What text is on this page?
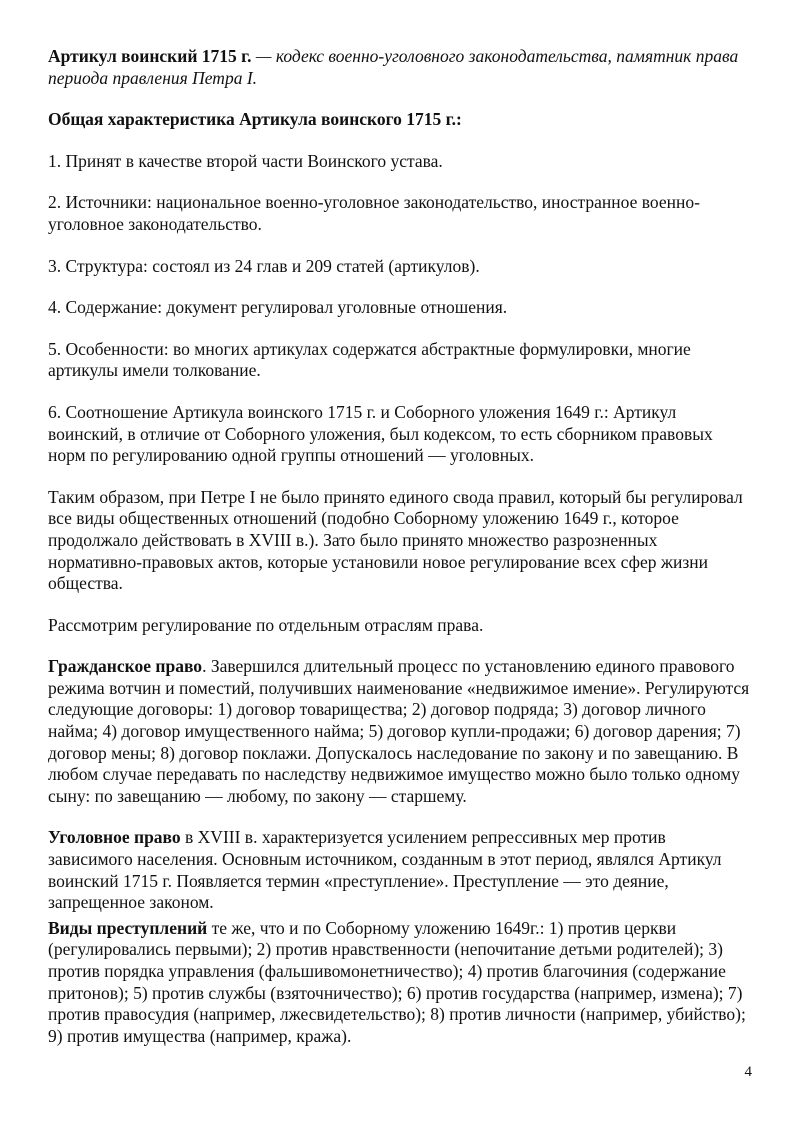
Артикул воинский 1715 г. — кодекс военно-уголовного законодательства, памятник права периода правления Петра I.

Общая характеристика Артикула воинского 1715 г.:

1. Принят в качестве второй части Воинского устава.

2. Источники: национальное военно-уголовное законодательство, иностранное военно-уголовное законодательство.

3. Структура: состоял из 24 глав и 209 статей (артикулов).

4. Содержание: документ регулировал уголовные отношения.

5. Особенности: во многих артикулах содержатся абстрактные формулировки, многие артикулы имели толкование.

6. Соотношение Артикула воинского 1715 г. и Соборного уложения 1649 г.: Артикул воинский, в отличие от Соборного уложения, был кодексом, то есть сборником правовых норм по регулированию одной группы отношений — уголовных.

Таким образом, при Петре I не было принято единого свода правил, который бы регулировал все виды общественных отношений (подобно Соборному уложению 1649 г., которое продолжало действовать в XVIII в.). Зато было принято множество разрозненных нормативно-правовых актов, которые установили новое регулирование всех сфер жизни общества.

Рассмотрим регулирование по отдельным отраслям права.

Гражданское право. Завершился длительный процесс по установлению единого правового режима вотчин и поместий, получивших наименование «недвижимое имение». Регулируются следующие договоры: 1) договор товарищества; 2) договор подряда; 3) договор личного найма; 4) договор имущественного найма; 5) договор купли-продажи; 6) договор дарения; 7) договор мены; 8) договор поклажи. Допускалось наследование по закону и по завещанию. В любом случае передавать по наследству недвижимое имущество можно было только одному сыну: по завещанию — любому, по закону — старшему.

Уголовное право в XVIII в. характеризуется усилением репрессивных мер против зависимого населения. Основным источником, созданным в этот период, являлся Артикул воинский 1715 г. Появляется термин «преступление». Преступление — это деяние, запрещенное законом.

Виды преступлений те же, что и по Соборному уложению 1649г.: 1) против церкви (регулировались первыми); 2) против нравственности (непочитание детьми родителей); 3) против порядка управления (фальшивомонетничество); 4) против благочиния (содержание притонов); 5) против службы (взяточничество); 6) против государства (например, измена); 7) против правосудия (например, лжесвидетельство); 8) против личности (например, убийство); 9) против имущества (например, кража).

4
